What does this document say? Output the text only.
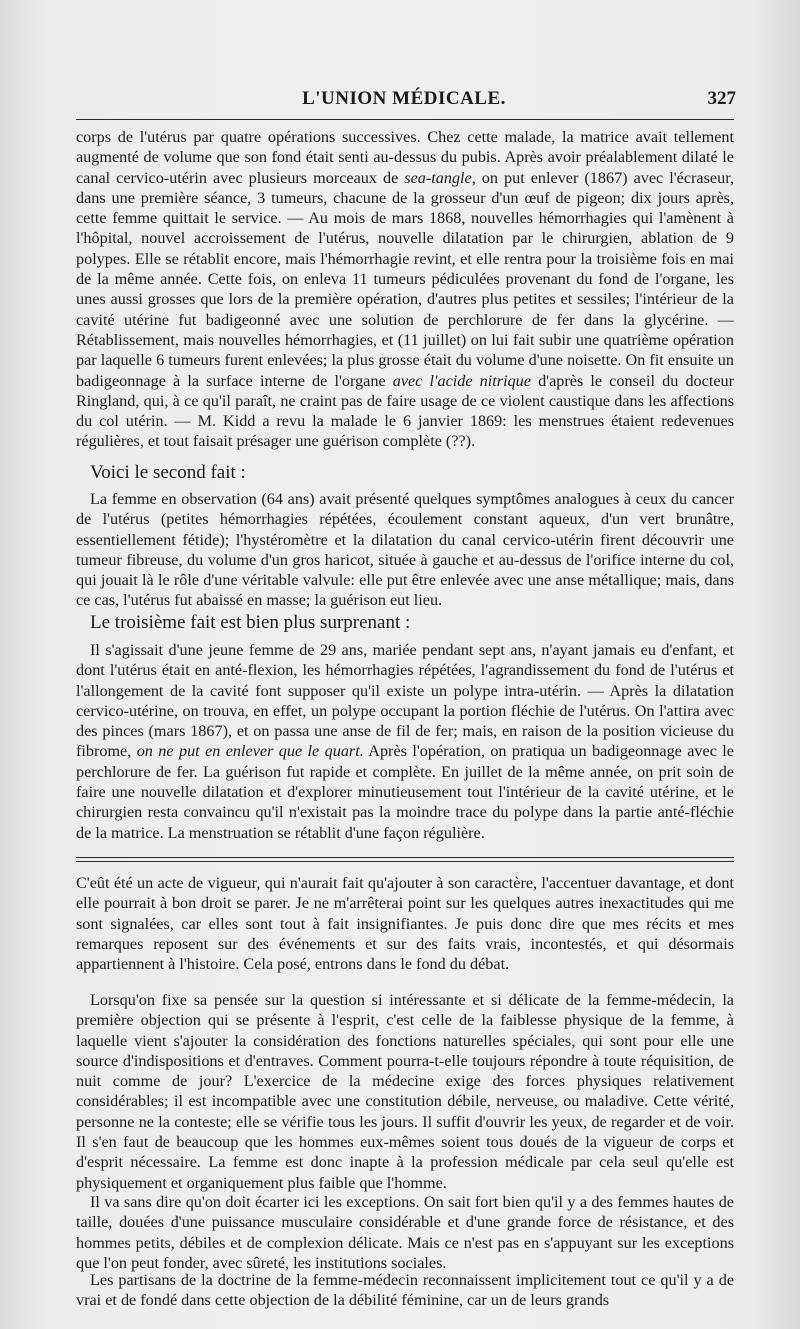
L'UNION MÉDICALE.	327

corps de l'utérus par quatre opérations successives. Chez cette malade, la matrice avait tellement augmenté de volume que son fond était senti au-dessus du pubis. Après avoir préalablement dilaté le canal cervico-utérin avec plusieurs morceaux de sea-tangle, on put enlever (1867) avec l'écraseur, dans une première séance, 3 tumeurs, chacune de la grosseur d'un œuf de pigeon; dix jours après, cette femme quittait le service. — Au mois de mars 1868, nouvelles hémorrhagies qui l'amènent à l'hôpital, nouvel accroissement de l'utérus, nouvelle dilatation par le chirurgien, ablation de 9 polypes. Elle se rétablit encore, mais l'hémorrhagie revint, et elle rentra pour la troisième fois en mai de la même année. Cette fois, on enleva 11 tumeurs pédiculées provenant du fond de l'organe, les unes aussi grosses que lors de la première opération, d'autres plus petites et sessiles; l'intérieur de la cavité utérine fut badigeonné avec une solution de perchlorure de fer dans la glycérine. — Rétablissement, mais nouvelles hémorrhagies, et (11 juillet) on lui fait subir une quatrième opération par laquelle 6 tumeurs furent enlevées; la plus grosse était du volume d'une noisette. On fit ensuite un badigeonnage à la surface interne de l'organe avec l'acide nitrique d'après le conseil du docteur Ringland, qui, à ce qu'il paraît, ne craint pas de faire usage de ce violent caustique dans les affections du col utérin. — M. Kidd a revu la malade le 6 janvier 1869: les menstrues étaient redevenues régulières, et tout faisait présager une guérison complète (??).

Voici le second fait :

La femme en observation (64 ans) avait présenté quelques symptômes analogues à ceux du cancer de l'utérus (petites hémorrhagies répétées, écoulement constant aqueux, d'un vert brunâtre, essentiellement fétide); l'hystéromètre et la dilatation du canal cervico-utérin firent découvrir une tumeur fibreuse, du volume d'un gros haricot, située à gauche et au-dessus de l'orifice interne du col, qui jouait là le rôle d'une véritable valvule: elle put être enlevée avec une anse métallique; mais, dans ce cas, l'utérus fut abaissé en masse; la guérison eut lieu.

Le troisième fait est bien plus surprenant :

Il s'agissait d'une jeune femme de 29 ans, mariée pendant sept ans, n'ayant jamais eu d'enfant, et dont l'utérus était en anté-flexion, les hémorrhagies répétées, l'agrandissement du fond de l'utérus et l'allongement de la cavité font supposer qu'il existe un polype intra-utérin. — Après la dilatation cervico-utérine, on trouva, en effet, un polype occupant la portion fléchie de l'utérus. On l'attira avec des pinces (mars 1867), et on passa une anse de fil de fer; mais, en raison de la position vicieuse du fibrome, on ne put en enlever que le quart. Après l'opération, on pratiqua un badigeonnage avec le perchlorure de fer. La guérison fut rapide et complète. En juillet de la même année, on prit soin de faire une nouvelle dilatation et d'explorer minutieusement tout l'intérieur de la cavité utérine, et le chirurgien resta convaincu qu'il n'existait pas la moindre trace du polype dans la partie anté-fléchie de la matrice. La menstruation se rétablit d'une façon régulière.

C'eût été un acte de vigueur, qui n'aurait fait qu'ajouter à son caractère, l'accentuer davantage, et dont elle pourrait à bon droit se parer. Je ne m'arrêterai point sur les quelques autres inexactitudes qui me sont signalées, car elles sont tout à fait insignifiantes. Je puis donc dire que mes récits et mes remarques reposent sur des événements et sur des faits vrais, incontestés, et qui désormais appartiennent à l'histoire. Cela posé, entrons dans le fond du débat.

Lorsqu'on fixe sa pensée sur la question si intéressante et si délicate de la femme-médecin, la première objection qui se présente à l'esprit, c'est celle de la faiblesse physique de la femme, à laquelle vient s'ajouter la considération des fonctions naturelles spéciales, qui sont pour elle une source d'indispositions et d'entraves. Comment pourra-t-elle toujours répondre à toute réquisition, de nuit comme de jour? L'exercice de la médecine exige des forces physiques relativement considérables; il est incompatible avec une constitution débile, nerveuse, ou maladive. Cette vérité, personne ne la conteste; elle se vérifie tous les jours. Il suffit d'ouvrir les yeux, de regarder et de voir. Il s'en faut de beaucoup que les hommes eux-mêmes soient tous doués de la vigueur de corps et d'esprit nécessaire. La femme est donc inapte à la profession médicale par cela seul qu'elle est physiquement et organiquement plus faible que l'homme.

Il va sans dire qu'on doit écarter ici les exceptions. On sait fort bien qu'il y a des femmes hautes de taille, douées d'une puissance musculaire considérable et d'une grande force de résistance, et des hommes petits, débiles et de complexion délicate. Mais ce n'est pas en s'appuyant sur les exceptions que l'on peut fonder, avec sûreté, les institutions sociales.

Les partisans de la doctrine de la femme-médecin reconnaissent implicitement tout ce qu'il y a de vrai et de fondé dans cette objection de la débilité féminine, car un de leurs grands
